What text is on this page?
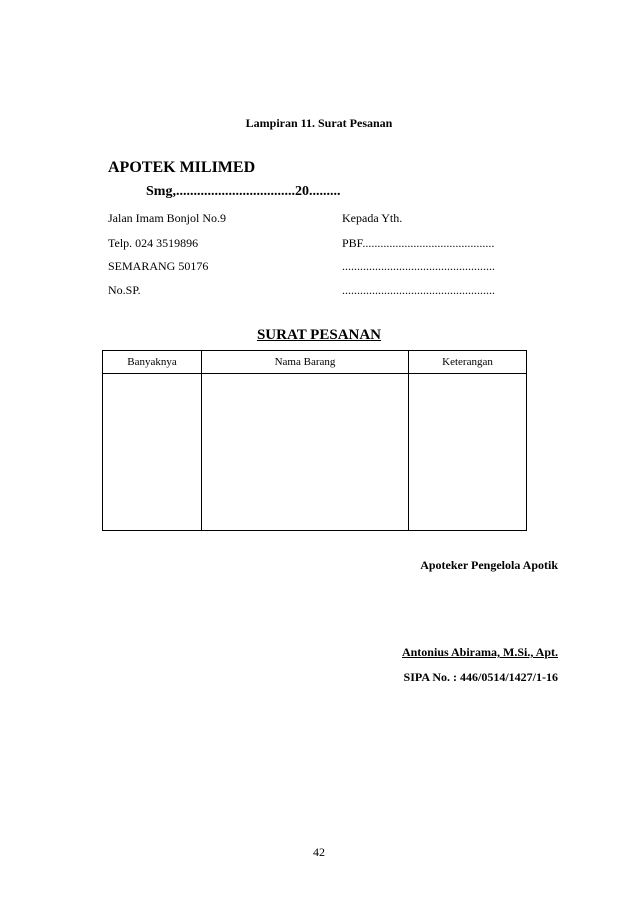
Lampiran 11. Surat Pesanan
APOTEK MILIMED
Smg,..................................20.........
Jalan Imam Bonjol No.9
Telp. 024 3519896
SEMARANG 50176
No.SP.
Kepada Yth.
PBF............................................
...................................................
...................................................
SURAT PESANAN
Banyaknya	Nama Barang	Keterangan

Apoteker Pengelola Apotik
Antonius Abirama, M.Si., Apt.
SIPA No. : 446/0514/1427/1-16
42
